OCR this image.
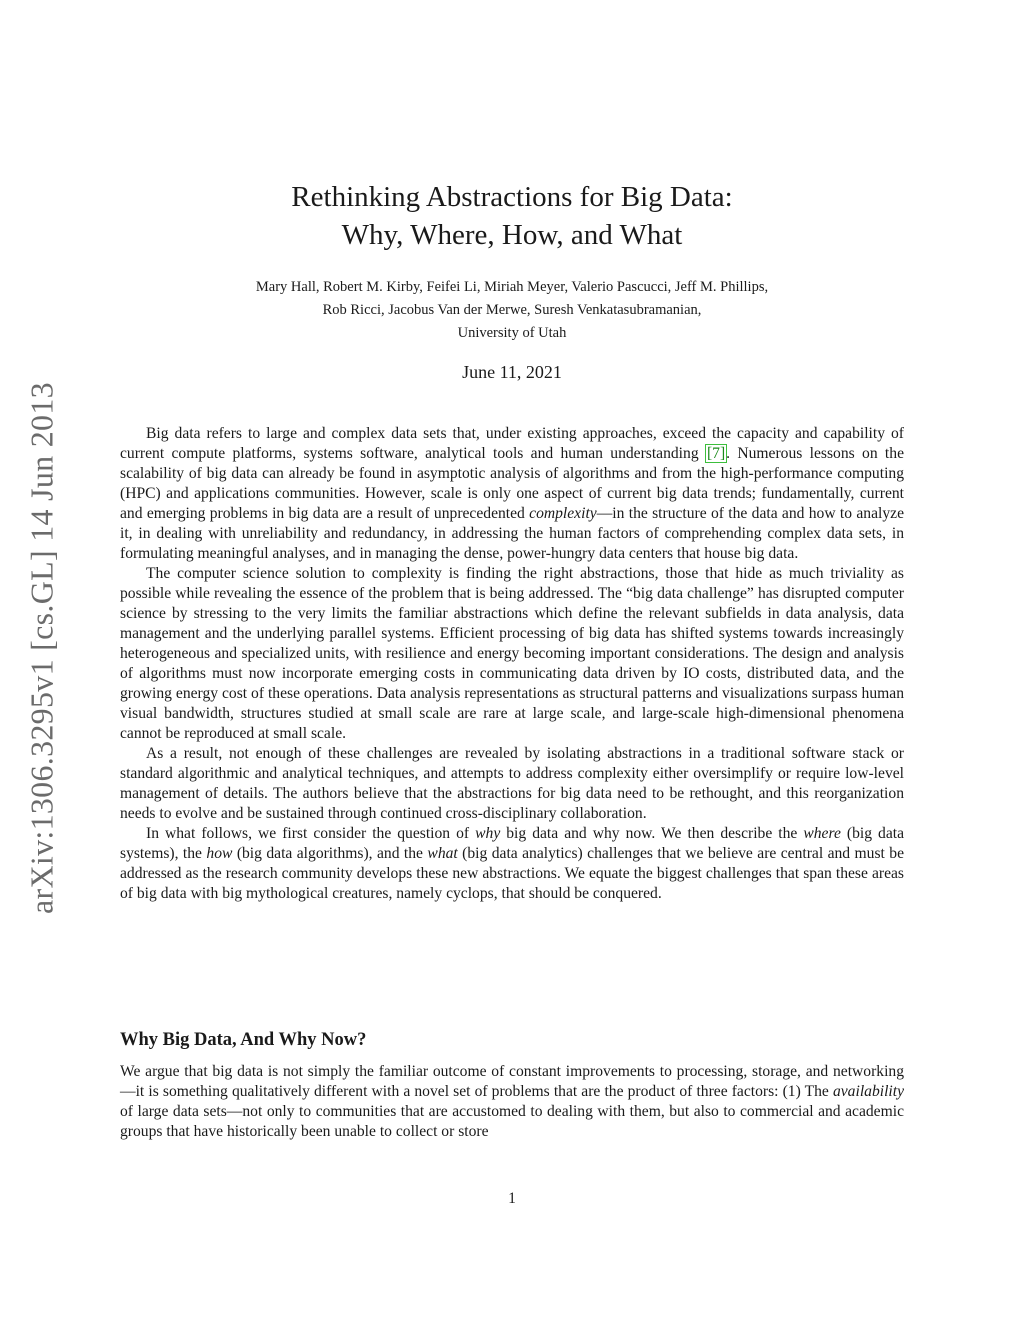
arXiv:1306.3295v1 [cs.GL] 14 Jun 2013
Rethinking Abstractions for Big Data:
Why, Where, How, and What
Mary Hall, Robert M. Kirby, Feifei Li, Miriah Meyer, Valerio Pascucci, Jeff M. Phillips,
Rob Ricci, Jacobus Van der Merwe, Suresh Venkatasubramanian,
University of Utah
June 11, 2021

Big data refers to large and complex data sets that, under existing approaches, exceed the capacity and capability of current compute platforms, systems software, analytical tools and human understanding [7]. Numerous lessons on the scalability of big data can already be found in asymptotic analysis of algorithms and from the high-performance computing (HPC) and applications communities. However, scale is only one aspect of current big data trends; fundamentally, current and emerging problems in big data are a result of unprecedented complexity—in the structure of the data and how to analyze it, in dealing with unreliability and redundancy, in addressing the human factors of comprehending complex data sets, in formulating meaningful analyses, and in managing the dense, power-hungry data centers that house big data.

The computer science solution to complexity is finding the right abstractions, those that hide as much triviality as possible while revealing the essence of the problem that is being addressed. The “big data challenge” has disrupted computer science by stressing to the very limits the familiar abstractions which define the relevant subfields in data analysis, data management and the underlying parallel systems. Efficient processing of big data has shifted systems towards increasingly heterogeneous and specialized units, with resilience and energy becoming important considerations. The design and analysis of algorithms must now incorporate emerging costs in communicating data driven by IO costs, distributed data, and the growing energy cost of these operations. Data analysis representations as structural patterns and visualizations surpass human visual bandwidth, structures studied at small scale are rare at large scale, and large-scale high-dimensional phenomena cannot be reproduced at small scale.

As a result, not enough of these challenges are revealed by isolating abstractions in a traditional software stack or standard algorithmic and analytical techniques, and attempts to address complexity either oversimplify or require low-level management of details. The authors believe that the abstractions for big data need to be rethought, and this reorganization needs to evolve and be sustained through continued cross-disciplinary collaboration.

In what follows, we first consider the question of why big data and why now. We then describe the where (big data systems), the how (big data algorithms), and the what (big data analytics) challenges that we believe are central and must be addressed as the research community develops these new abstractions. We equate the biggest challenges that span these areas of big data with big mythological creatures, namely cyclops, that should be conquered.

Why Big Data, And Why Now?

We argue that big data is not simply the familiar outcome of constant improvements to processing, storage, and networking—it is something qualitatively different with a novel set of problems that are the product of three factors: (1) The availability of large data sets—not only to communities that are accustomed to dealing with them, but also to commercial and academic groups that have historically been unable to collect or store

1
